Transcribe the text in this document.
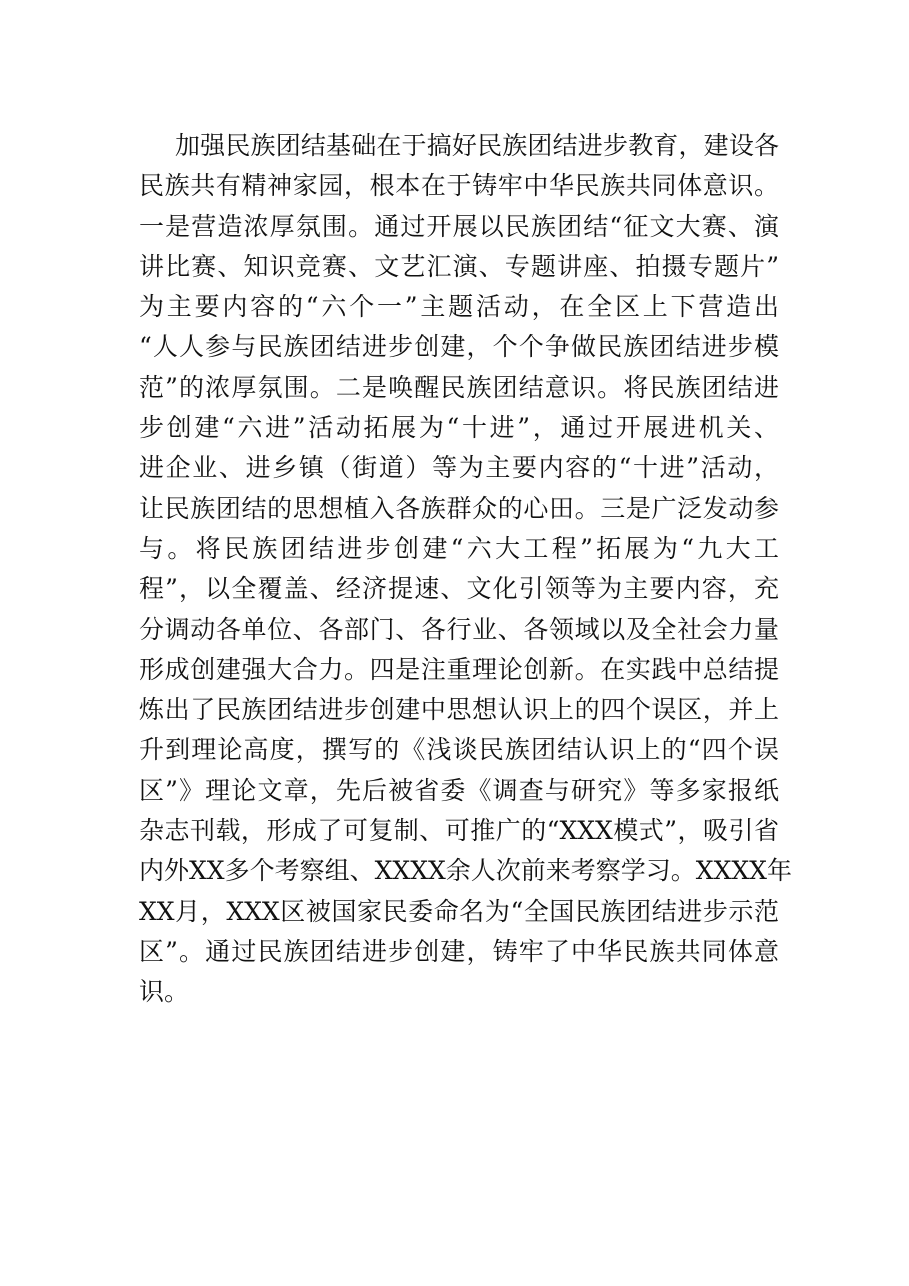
加强民族团结基础在于搞好民族团结进步教育，建设各
民族共有精神家园，根本在于铸牢中华民族共同体意识。
一是营造浓厚氛围。通过开展以民族团结“征文大赛、演
讲比赛、知识竞赛、文艺汇演、专题讲座、拍摄专题片”
为主要内容的“六个一”主题活动，在全区上下营造出
“人人参与民族团结进步创建，个个争做民族团结进步模
范”的浓厚氛围。二是唤醒民族团结意识。将民族团结进
步创建“六进”活动拓展为“十进”，通过开展进机关、
进企业、进乡镇（街道）等为主要内容的“十进”活动，
让民族团结的思想植入各族群众的心田。三是广泛发动参
与。将民族团结进步创建“六大工程”拓展为“九大工
程”，以全覆盖、经济提速、文化引领等为主要内容，充
分调动各单位、各部门、各行业、各领域以及全社会力量
形成创建强大合力。四是注重理论创新。在实践中总结提
炼出了民族团结进步创建中思想认识上的四个误区，并上
升到理论高度，撰写的《浅谈民族团结认识上的“四个误
区”》理论文章，先后被省委《调查与研究》等多家报纸
杂志刊载，形成了可复制、可推广的“XXX模式”，吸引省
内外XX多个考察组、XXXX余人次前来考察学习。XXXX年
XX月，XXX区被国家民委命名为“全国民族团结进步示范
区”。通过民族团结进步创建，铸牢了中华民族共同体意
识。
